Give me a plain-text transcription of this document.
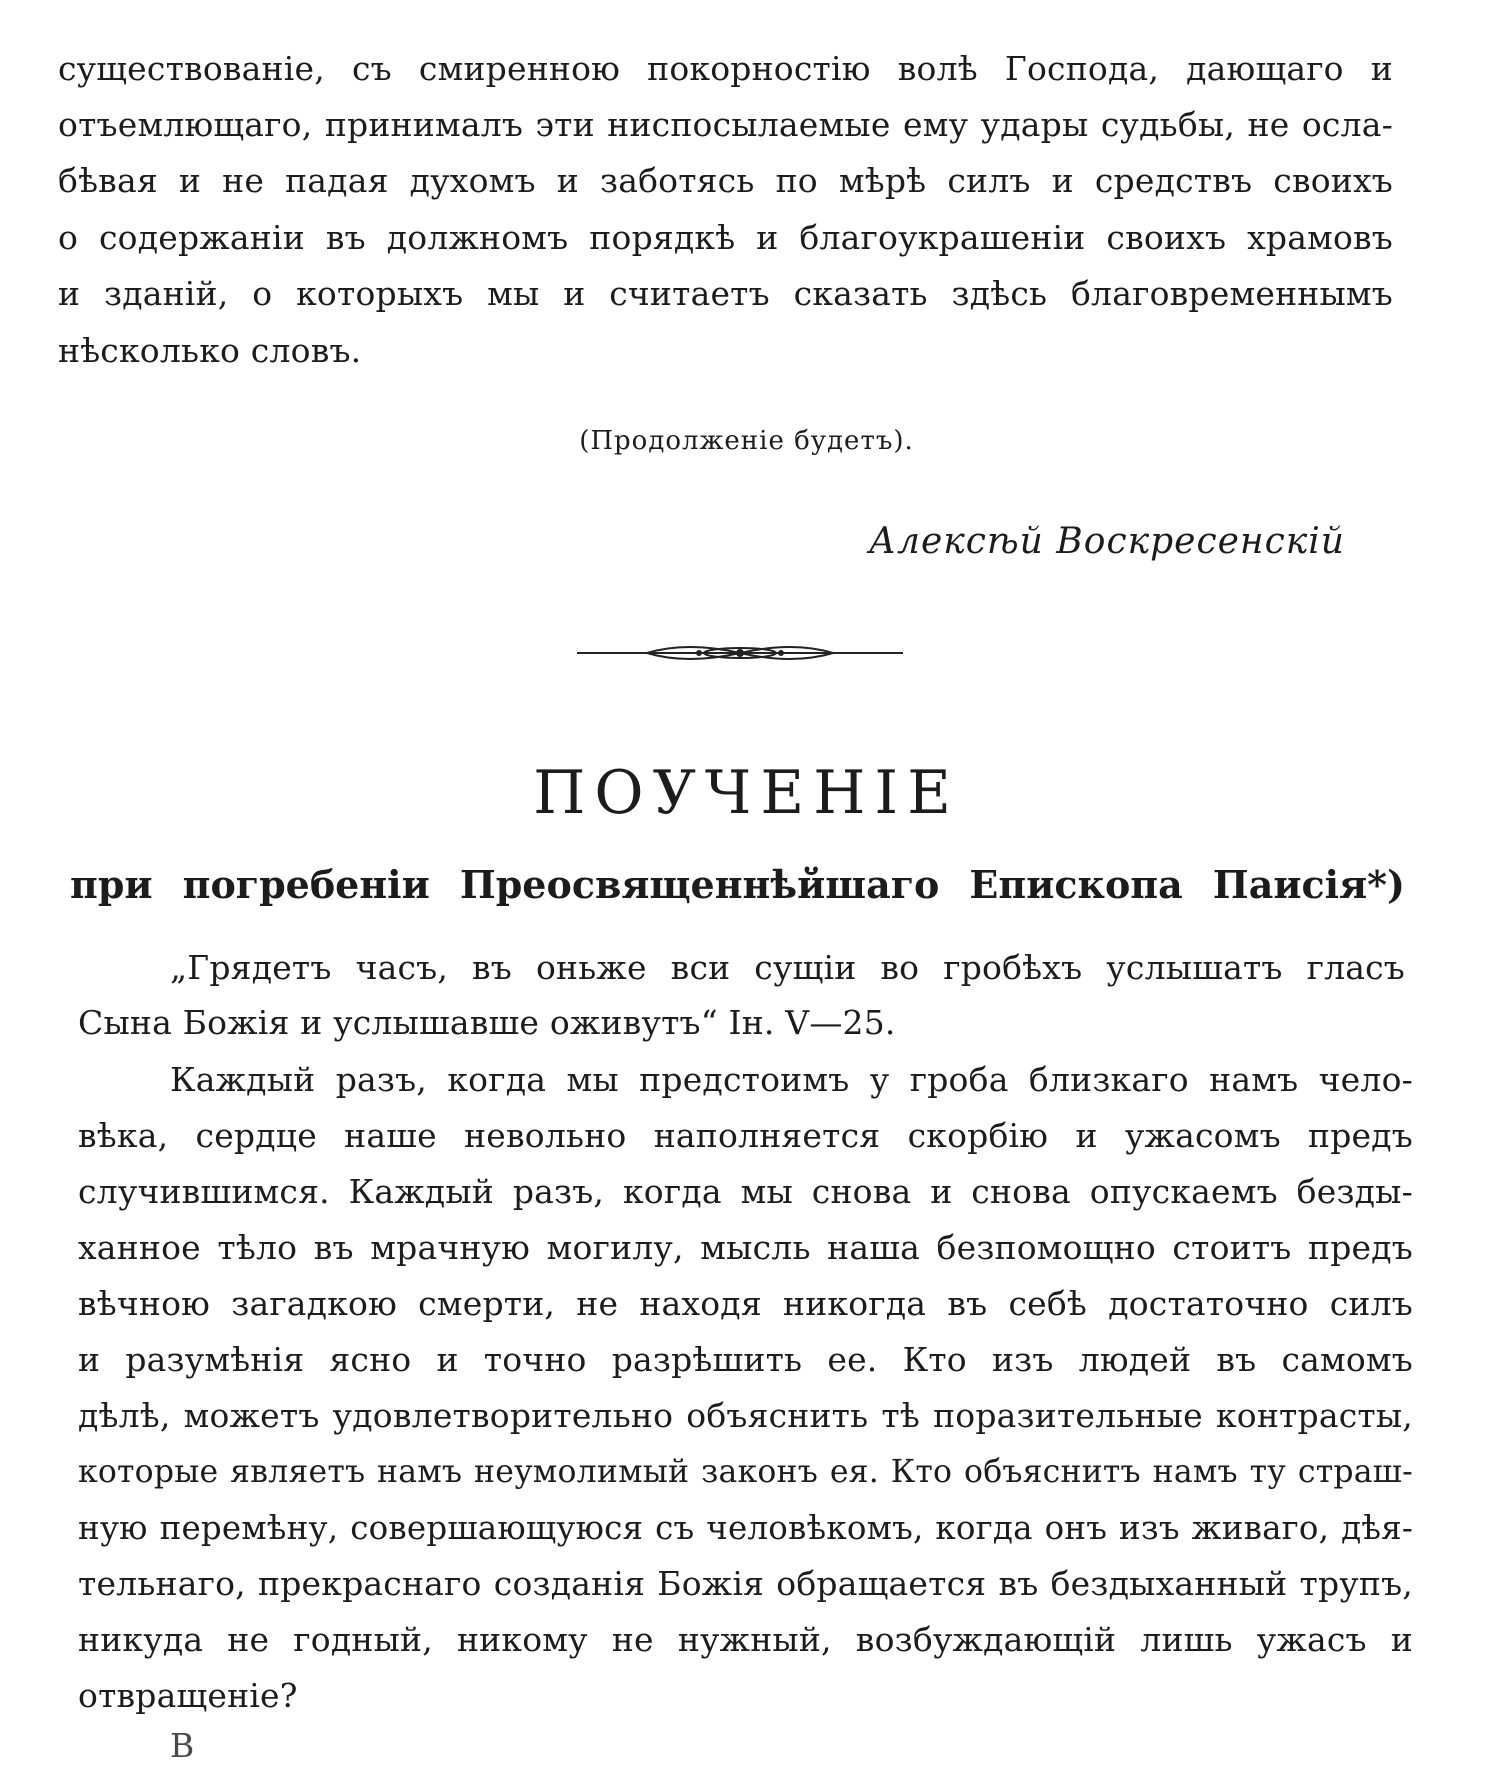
существованіе, съ смиренною покорностію волѣ Господа, дающаго и
отъемлющаго, принималъ эти ниспосылаемые ему удары судьбы, не осла-
бѣвая и не падая духомъ и заботясь по мѣрѣ силъ и средствъ своихъ
о содержаніи въ должномъ порядкѣ и благоукрашеніи своихъ храмовъ
и зданій, о которыхъ мы и считаетъ сказать здѣсь благовременнымъ
нѣсколько словъ.
(Продолженіе будетъ).
Алексѣй Воскресенскій
ПОУЧЕНІЕ
при погребеніи Преосвященнѣйшаго Епископа Паисія*)
„Грядетъ часъ, въ оньже вси сущіи во гробѣхъ услышатъ гласъ
Сына Божія и услышавше оживутъ“ Ін. V—25.
Каждый разъ, когда мы предстоимъ у гроба близкаго намъ чело-
вѣка, сердце наше невольно наполняется скорбію и ужасомъ предъ
случившимся. Каждый разъ, когда мы снова и снова опускаемъ безды-
ханное тѣло въ мрачную могилу, мысль наша безпомощно стоитъ предъ
вѣчною загадкою смерти, не находя никогда въ себѣ достаточно силъ
и разумѣнія ясно и точно разрѣшить ее. Кто изъ людей въ самомъ
дѣлѣ, можетъ удовлетворительно объяснить тѣ поразительные контрасты,
которые являетъ намъ неумолимый законъ ея. Кто объяснитъ намъ ту страш-
ную перемѣну, совершающуюся съ человѣкомъ, когда онъ изъ живаго, дѣя-
тельнаго, прекраснаго созданія Божія обращается въ бездыханный трупъ,
никуда не годный, никому не нужный, возбуждающій лишь ужасъ и
отвращеніе?
В
